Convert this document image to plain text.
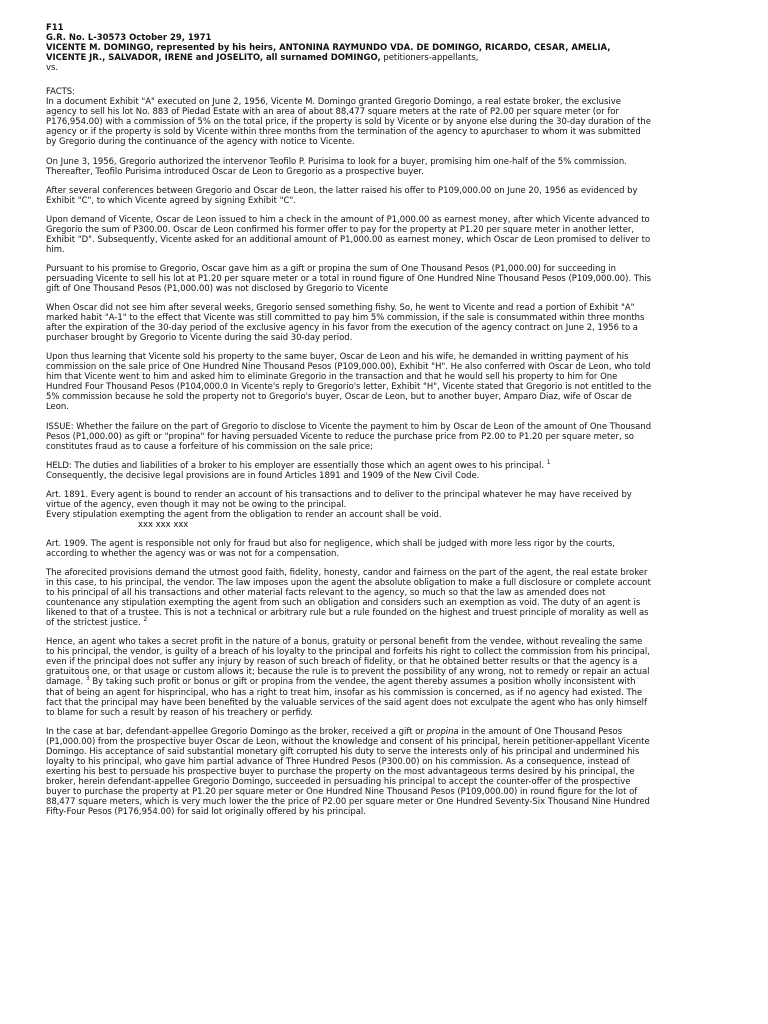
F11
G.R. No. L-30573 October 29, 1971
VICENTE M. DOMINGO, represented by his heirs, ANTONINA RAYMUNDO VDA. DE DOMINGO, RICARDO, CESAR, AMELIA,
VICENTE JR., SALVADOR, IRENE and JOSELITO, all surnamed DOMINGO, petitioners-appellants,
vs.
FACTS:
In a document Exhibit "A" executed on June 2, 1956, Vicente M. Domingo granted Gregorio Domingo, a real estate broker, the exclusive
agency to sell his lot No. 883 of Piedad Estate with an area of about 88,477 square meters at the rate of P2.00 per square meter (or for
P176,954.00) with a commission of 5% on the total price, if the property is sold by Vicente or by anyone else during the 30-day duration of the
agency or if the property is sold by Vicente within three months from the termination of the agency to apurchaser to whom it was submitted
by Gregorio during the continuance of the agency with notice to Vicente.
On June 3, 1956, Gregorio authorized the intervenor Teofilo P. Purisima to look for a buyer, promising him one-half of the 5% commission.
Thereafter, Teofilo Purisima introduced Oscar de Leon to Gregorio as a prospective buyer.
After several conferences between Gregorio and Oscar de Leon, the latter raised his offer to P109,000.00 on June 20, 1956 as evidenced by
Exhibit "C", to which Vicente agreed by signing Exhibit "C".
Upon demand of Vicente, Oscar de Leon issued to him a check in the amount of P1,000.00 as earnest money, after which Vicente advanced to
Gregorio the sum of P300.00. Oscar de Leon confirmed his former offer to pay for the property at P1.20 per square meter in another letter,
Exhibit "D". Subsequently, Vicente asked for an additional amount of P1,000.00 as earnest money, which Oscar de Leon promised to deliver to
him.
Pursuant to his promise to Gregorio, Oscar gave him as a gift or propina the sum of One Thousand Pesos (P1,000.00) for succeeding in
persuading Vicente to sell his lot at P1.20 per square meter or a total in round figure of One Hundred Nine Thousand Pesos (P109,000.00). This
gift of One Thousand Pesos (P1,000.00) was not disclosed by Gregorio to Vicente
When Oscar did not see him after several weeks, Gregorio sensed something fishy. So, he went to Vicente and read a portion of Exhibit "A"
marked habit "A-1" to the effect that Vicente was still committed to pay him 5% commission, if the sale is consummated within three months
after the expiration of the 30-day period of the exclusive agency in his favor from the execution of the agency contract on June 2, 1956 to a
purchaser brought by Gregorio to Vicente during the said 30-day period.
Upon thus learning that Vicente sold his property to the same buyer, Oscar de Leon and his wife, he demanded in writting payment of his
commission on the sale price of One Hundred Nine Thousand Pesos (P109,000.00), Exhibit "H". He also conferred with Oscar de Leon, who told
him that Vicente went to him and asked him to eliminate Gregorio in the transaction and that he would sell his property to him for One
Hundred Four Thousand Pesos (P104,000.0 In Vicente's reply to Gregorio's letter, Exhibit "H", Vicente stated that Gregorio is not entitled to the
5% commission because he sold the property not to Gregorio's buyer, Oscar de Leon, but to another buyer, Amparo Diaz, wife of Oscar de
Leon.
ISSUE: Whether the failure on the part of Gregorio to disclose to Vicente the payment to him by Oscar de Leon of the amount of One Thousand
Pesos (P1,000.00) as gift or "propina" for having persuaded Vicente to reduce the purchase price from P2.00 to P1.20 per square meter, so
constitutes fraud as to cause a forfeiture of his commission on the sale price;
HELD: The duties and liabilities of a broker to his employer are essentially those which an agent owes to his principal. $^1$
Consequently, the decisive legal provisions are in found Articles 1891 and 1909 of the New Civil Code.
Art. 1891. Every agent is bound to render an account of his transactions and to deliver to the principal whatever he may have received by
virtue of the agency, even though it may not be owing to the principal.
Every stipulation exempting the agent from the obligation to render an account shall be void.
xxx xxx xxx
Art. 1909. The agent is responsible not only for fraud but also for negligence, which shall be judged with more less rigor by the courts,
according to whether the agency was or was not for a compensation.
The aforecited provisions demand the utmost good faith, fidelity, honesty, candor and fairness on the part of the agent, the real estate broker
in this case, to his principal, the vendor. The law imposes upon the agent the absolute obligation to make a full disclosure or complete account
to his principal of all his transactions and other material facts relevant to the agency, so much so that the law as amended does not
countenance any stipulation exempting the agent from such an obligation and considers such an exemption as void. The duty of an agent is
likened to that of a trustee. This is not a technical or arbitrary rule but a rule founded on the highest and truest principle of morality as well as
of the strictest justice. $^2$
Hence, an agent who takes a secret profit in the nature of a bonus, gratuity or personal benefit from the vendee, without revealing the same
to his principal, the vendor, is guilty of a breach of his loyalty to the principal and forfeits his right to collect the commission from his principal,
even if the principal does not suffer any injury by reason of such breach of fidelity, or that he obtained better results or that the agency is a
gratuitous one, or that usage or custom allows it; because the rule is to prevent the possibility of any wrong, not to remedy or repair an actual
damage. $^3$ By taking such profit or bonus or gift or propina from the vendee, the agent thereby assumes a position wholly inconsistent with
that of being an agent for hisprincipal, who has a right to treat him, insofar as his commission is concerned, as if no agency had existed. The
fact that the principal may have been benefited by the valuable services of the said agent does not exculpate the agent who has only himself
to blame for such a result by reason of his treachery or perfidy.
In the case at bar, defendant-appellee Gregorio Domingo as the broker, received a gift or propina in the amount of One Thousand Pesos
(P1,000.00) from the prospective buyer Oscar de Leon, without the knowledge and consent of his principal, herein petitioner-appellant Vicente
Domingo. His acceptance of said substantial monetary gift corrupted his duty to serve the interests only of his principal and undermined his
loyalty to his principal, who gave him partial advance of Three Hundred Pesos (P300.00) on his commission. As a consequence, instead of
exerting his best to persuade his prospective buyer to purchase the property on the most advantageous terms desired by his principal, the
broker, herein defendant-appellee Gregorio Domingo, succeeded in persuading his principal to accept the counter-offer of the prospective
buyer to purchase the property at P1.20 per square meter or One Hundred Nine Thousand Pesos (P109,000.00) in round figure for the lot of
88,477 square meters, which is very much lower the the price of P2.00 per square meter or One Hundred Seventy-Six Thousand Nine Hundred
Fifty-Four Pesos (P176,954.00) for said lot originally offered by his principal.
